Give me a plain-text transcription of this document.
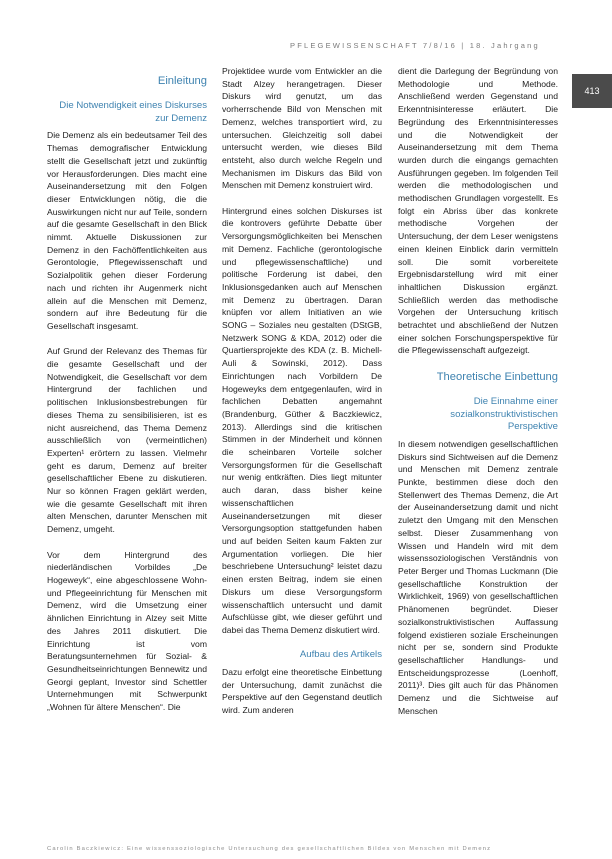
PFLEGEWISSENSCHAFT 7/8/16 | 18. Jahrgang
413
Einleitung
Die Notwendigkeit eines Diskurses zur Demenz

Die Demenz als ein bedeutsamer Teil des Themas demografischer Entwicklung stellt die Gesellschaft jetzt und zukünftig vor Herausforderungen. Dies macht eine Auseinandersetzung mit den Folgen dieser Entwicklungen nötig, die die Auswirkungen nicht nur auf Teile, sondern auf die gesamte Gesellschaft in den Blick nimmt. Aktuelle Diskussionen zur Demenz in den Fachöffentlichkeiten aus Gerontologie, Pflegewissenschaft und Sozialpolitik gehen dieser Forderung nach und richten ihr Augenmerk nicht allein auf die Menschen mit Demenz, sondern auf ihre Bedeutung für die Gesellschaft insgesamt.

Auf Grund der Relevanz des Themas für die gesamte Gesellschaft und der Notwendigkeit, die Gesellschaft vor dem Hintergrund der fachlichen und politischen Inklusionsbestrebungen für dieses Thema zu sensibilisieren, ist es nicht ausreichend, das Thema Demenz ausschließlich von (vermeintlichen) Experten¹ erörtern zu lassen. Vielmehr geht es darum, Demenz auf breiter gesellschaftlicher Ebene zu diskutieren. Nur so können Fragen geklärt werden, wie die gesamte Gesellschaft mit ihren alten Menschen, darunter Menschen mit Demenz, umgeht.

Vor dem Hintergrund des niederländischen Vorbildes „De Hogeweyk“, eine abgeschlossene Wohn- und Pflegeeinrichtung für Menschen mit Demenz, wird die Umsetzung einer ähnlichen Einrichtung in Alzey seit Mitte des Jahres 2011 diskutiert. Die Einrichtung ist vom Beratungsunternehmen für Sozial- & Gesundheitseinrichtungen Bennewitz und Georgi geplant, Investor sind Schettler Unternehmungen mit Schwerpunkt „Wohnen für ältere Menschen“. Die

Projektidee wurde vom Entwickler an die Stadt Alzey herangetragen. Dieser Diskurs wird genutzt, um das vorherrschende Bild von Menschen mit Demenz, welches transportiert wird, zu untersuchen. Gleichzeitig soll dabei untersucht werden, wie dieses Bild entsteht, also durch welche Regeln und Mechanismen im Diskurs das Bild von Menschen mit Demenz konstruiert wird.

Hintergrund eines solchen Diskurses ist die kontrovers geführte Debatte über Versorgungsmöglichkeiten bei Menschen mit Demenz. Fachliche (gerontologische und pflegewissenschaftliche) und politische Forderung ist dabei, den Inklusionsgedanken auch auf Menschen mit Demenz zu übertragen. Daran knüpfen vor allem Initiativen an wie SONG – Soziales neu gestalten (DStGB, Netzwerk SONG & KDA, 2012) oder die Quartiersprojekte des KDA (z. B. Michell-Auli & Sowinski, 2012). Dass Einrichtungen nach Vorbildern De Hogeweyks dem entgegenlaufen, wird in fachlichen Debatten angemahnt (Brandenburg, Güther & Baczkiewicz, 2013). Allerdings sind die kritischen Stimmen in der Minderheit und können die scheinbaren Vorteile solcher Versorgungsformen für die Gesellschaft nur wenig entkräften. Dies liegt mitunter auch daran, dass bisher keine wissenschaftlichen Auseinandersetzungen mit dieser Versorgungsoption stattgefunden haben und auf beiden Seiten kaum Fakten zur Argumentation vorliegen. Die hier beschriebene Untersuchung² leistet dazu einen ersten Beitrag, indem sie einen Diskurs um diese Versorgungsform wissenschaftlich untersucht und damit Aufschlüsse gibt, wie dieser geführt und dabei das Thema Demenz diskutiert wird.

Aufbau des Artikels

Dazu erfolgt eine theoretische Einbettung der Untersuchung, damit zunächst die Perspektive auf den Gegenstand deutlich wird. Zum anderen

dient die Darlegung der Begründung von Methodologie und Methode. Anschließend werden Gegenstand und Erkenntnisinteresse erläutert. Die Begründung des Erkenntnisinteresses und die Notwendigkeit der Auseinandersetzung mit dem Thema wurden durch die eingangs gemachten Ausführungen gegeben. Im folgenden Teil werden die methodologischen und methodischen Grundlagen vorgestellt. Es folgt ein Abriss über das konkrete methodische Vorgehen der Untersuchung, der dem Leser wenigstens einen kleinen Einblick darin vermitteln soll. Die somit vorbereitete Ergebnisdarstellung wird mit einer inhaltlichen Diskussion ergänzt. Schließlich werden das methodische Vorgehen der Untersuchung kritisch betrachtet und abschließend der Nutzen einer solchen Forschungsperspektive für die Pflegewissenschaft aufgezeigt.

Theoretische Einbettung
Die Einnahme einer sozialkonstruktivistischen Perspektive

In diesem notwendigen gesellschaftlichen Diskurs sind Sichtweisen auf die Demenz und Menschen mit Demenz zentrale Punkte, bestimmen diese doch den Stellenwert des Themas Demenz, die Art der Auseinandersetzung damit und nicht zuletzt den Umgang mit den Menschen selbst. Dieser Zusammenhang von Wissen und Handeln wird mit dem wissenssoziologischen Verständnis von Peter Berger und Thomas Luckmann (Die gesellschaftliche Konstruktion der Wirklichkeit, 1969) von gesellschaftlichen Phänomenen begründet. Dieser sozialkonstruktivistischen Auffassung folgend existieren soziale Erscheinungen nicht per se, sondern sind Produkte gesellschaftlicher Handlungs- und Entscheidungsprozesse (Loenhoff, 2011)³. Dies gilt auch für das Phänomen Demenz und die Sichtweise auf Menschen

Carolin Baczkiewicz: Eine wissenssoziologische Untersuchung des gesellschaftlichen Bildes von Menschen mit Demenz
